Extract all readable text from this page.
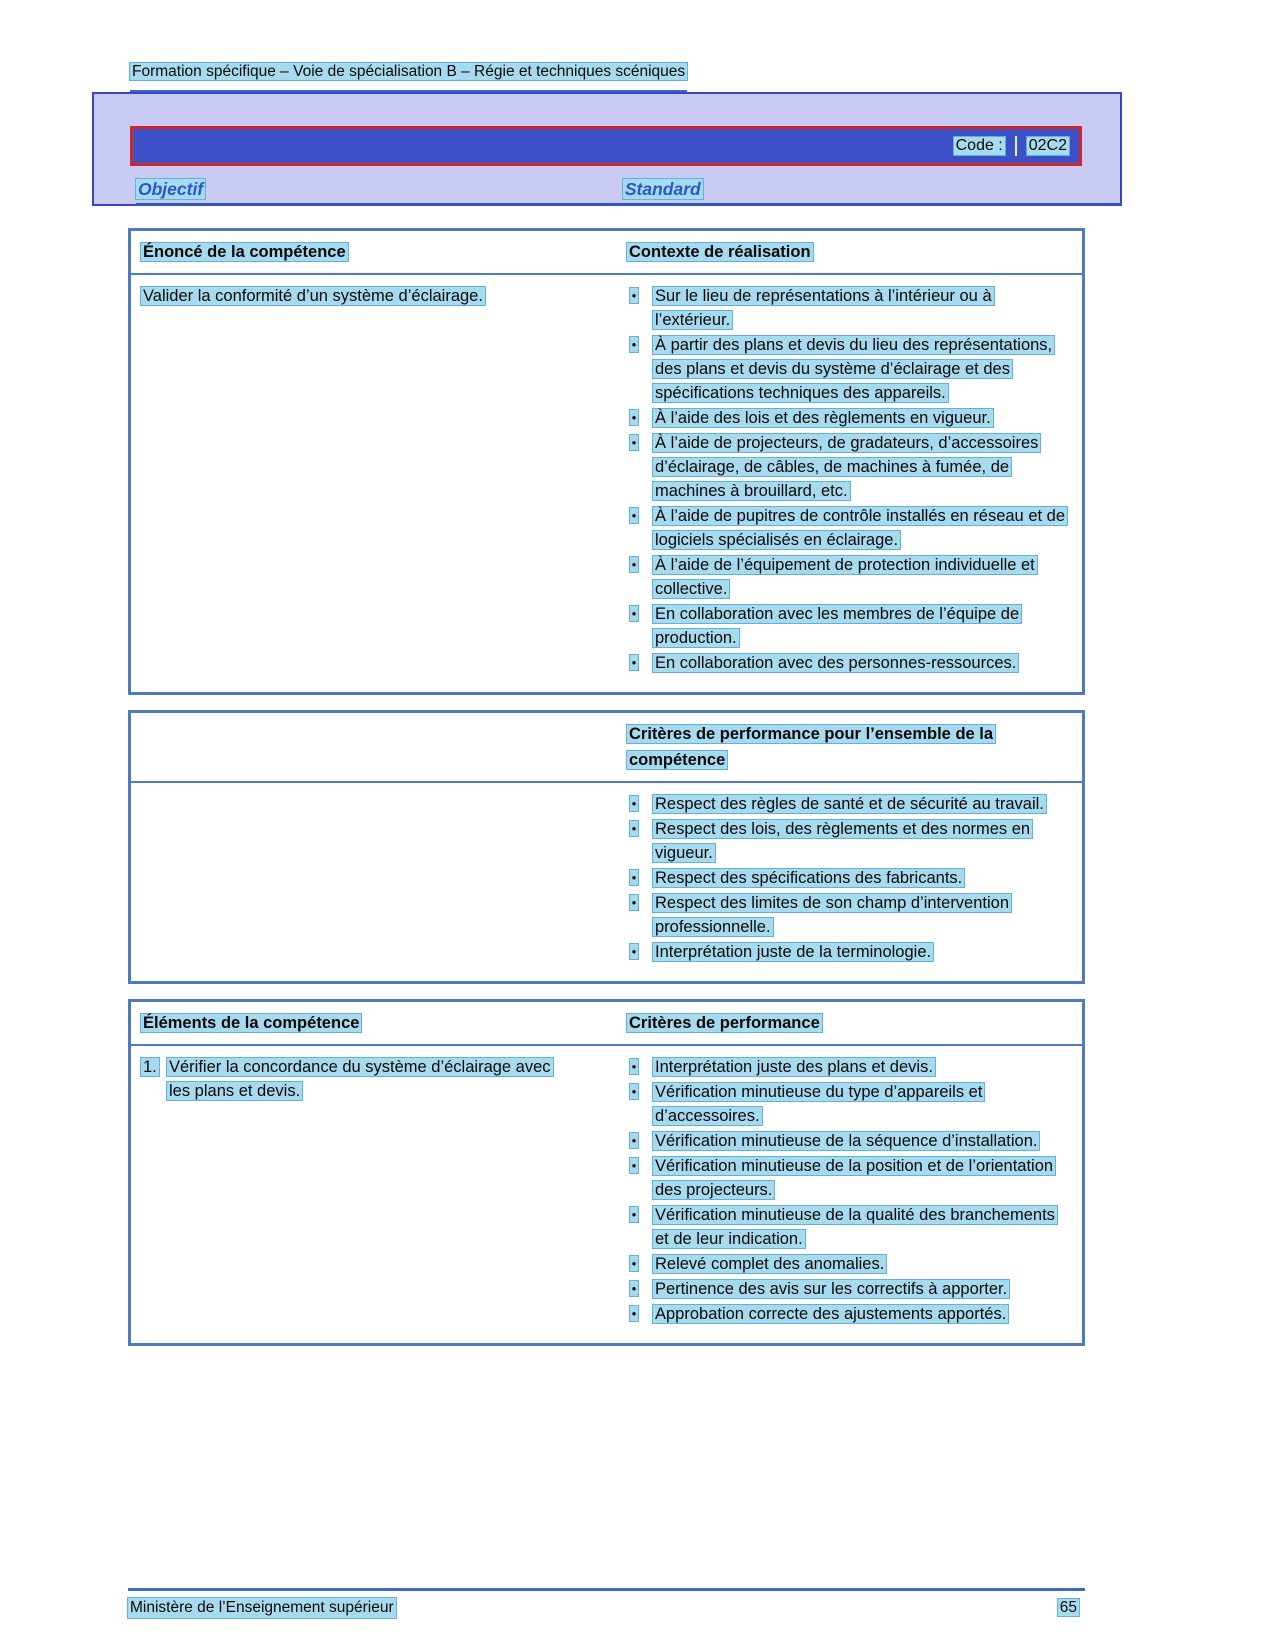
Formation spécifique – Voie de spécialisation B – Régie et techniques scéniques
Code : 02C2
Objectif	Standard
Énoncé de la compétence	Contexte de réalisation
Valider la conformité d’un système d’éclairage.	• Sur le lieu de représentations à l’intérieur ou à l’extérieur.
• À partir des plans et devis du lieu des représentations, des plans et devis du système d’éclairage et des spécifications techniques des appareils.
• À l’aide des lois et des règlements en vigueur.
• À l’aide de projecteurs, de gradateurs, d’accessoires d’éclairage, de câbles, de machines à fumée, de machines à brouillard, etc.
• À l’aide de pupitres de contrôle installés en réseau et de logiciels spécialisés en éclairage.
• À l’aide de l’équipement de protection individuelle et collective.
• En collaboration avec les membres de l’équipe de production.
• En collaboration avec des personnes-ressources.
Critères de performance pour l’ensemble de la compétence
• Respect des règles de santé et de sécurité au travail.
• Respect des lois, des règlements et des normes en vigueur.
• Respect des spécifications des fabricants.
• Respect des limites de son champ d’intervention professionnelle.
• Interprétation juste de la terminologie.
Éléments de la compétence	Critères de performance
1. Vérifier la concordance du système d’éclairage avec les plans et devis.
• Interprétation juste des plans et devis.
• Vérification minutieuse du type d’appareils et d’accessoires.
• Vérification minutieuse de la séquence d’installation.
• Vérification minutieuse de la position et de l’orientation des projecteurs.
• Vérification minutieuse de la qualité des branchements et de leur indication.
• Relevé complet des anomalies.
• Pertinence des avis sur les correctifs à apporter.
• Approbation correcte des ajustements apportés.
Ministère de l’Enseignement supérieur	65
